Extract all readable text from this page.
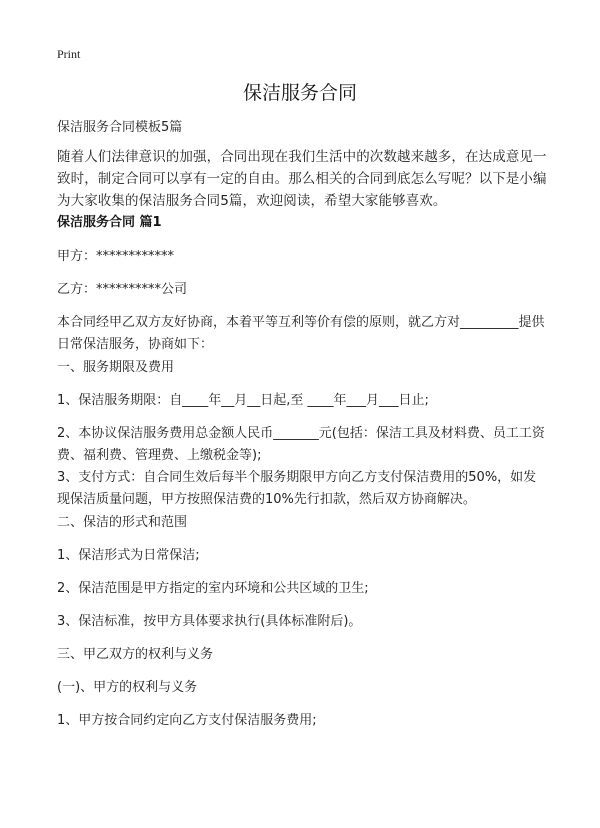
Print
保洁服务合同

保洁服务合同模板5篇

随着人们法律意识的加强，合同出现在我们生活中的次数越来越多，在达成意见一致时，制定合同可以享有一定的自由。那么相关的合同到底怎么写呢？以下是小编为大家收集的保洁服务合同5篇，欢迎阅读，希望大家能够喜欢。

保洁服务合同 篇1

甲方：************

乙方：**********公司

本合同经甲乙双方友好协商，本着平等互利等价有偿的原则，就乙方对_________提供日常保洁服务，协商如下：

一、服务期限及费用

1、保洁服务期限：自____年__月__日起,至 ____年___月___日止;

2、本协议保洁服务费用总金额人民币_______元(包括：保洁工具及材料费、员工工资费、福利费、管理费、上缴税金等);

3、支付方式：自合同生效后每半个服务期限甲方向乙方支付保洁费用的50%，如发现保洁质量问题，甲方按照保洁费的10%先行扣款，然后双方协商解决。

二、保洁的形式和范围

1、保洁形式为日常保洁;

2、保洁范围是甲方指定的室内环境和公共区域的卫生;

3、保洁标准，按甲方具体要求执行(具体标准附后)。

三、甲乙双方的权利与义务

(一)、甲方的权利与义务

1、甲方按合同约定向乙方支付保洁服务费用;
